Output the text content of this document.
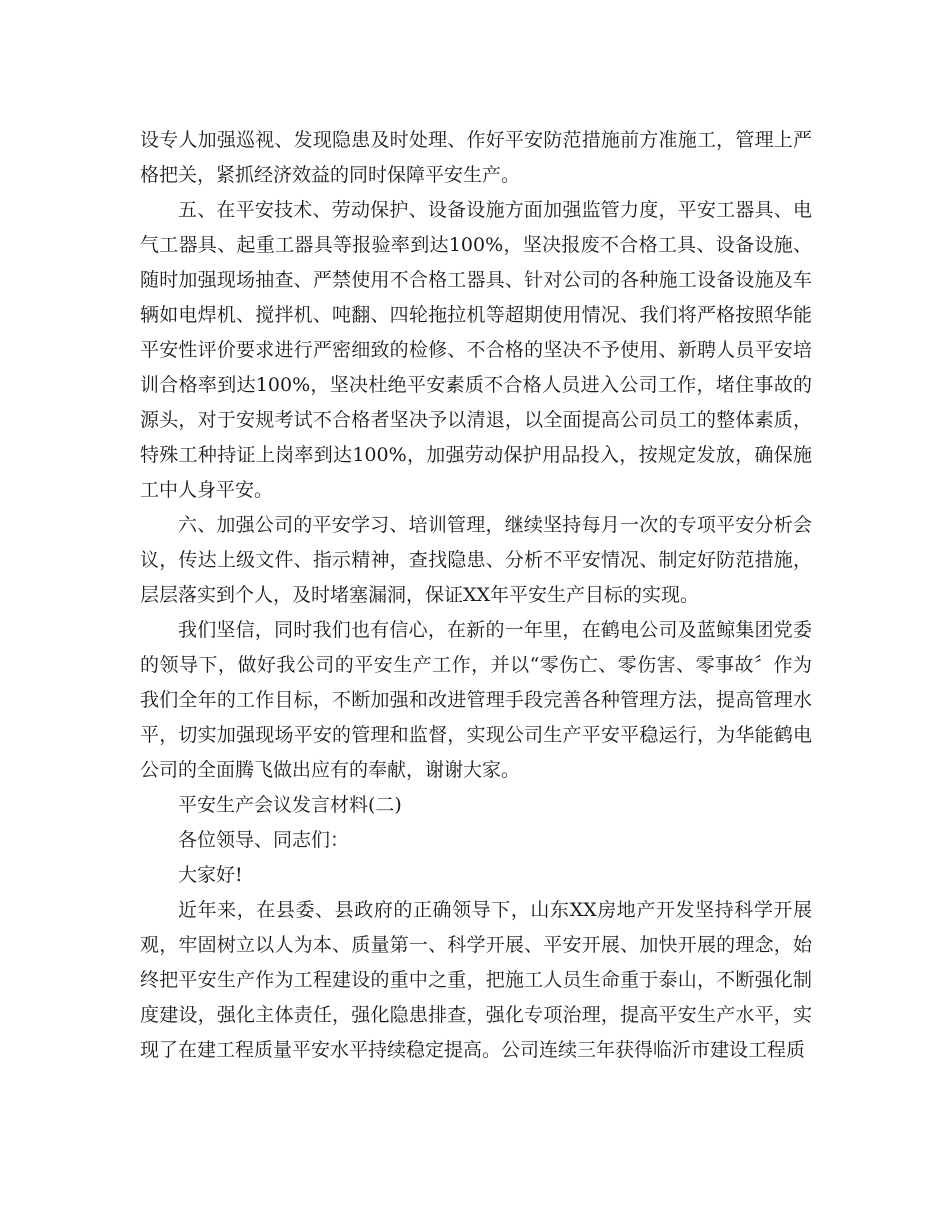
设专人加强巡视、发现隐患及时处理、作好平安防范措施前方准施工，管理上严格把关，紧抓经济效益的同时保障平安生产。

五、在平安技术、劳动保护、设备设施方面加强监管力度，平安工器具、电气工器具、起重工器具等报验率到达100%，坚决报废不合格工具、设备设施、随时加强现场抽查、严禁使用不合格工器具、针对公司的各种施工设备设施及车辆如电焊机、搅拌机、吨翻、四轮拖拉机等超期使用情况、我们将严格按照华能平安性评价要求进行严密细致的检修、不合格的坚决不予使用、新聘人员平安培训合格率到达100%，坚决杜绝平安素质不合格人员进入公司工作，堵住事故的源头，对于安规考试不合格者坚决予以清退，以全面提高公司员工的整体素质，特殊工种持证上岗率到达100%，加强劳动保护用品投入，按规定发放，确保施工中人身平安。

六、加强公司的平安学习、培训管理，继续坚持每月一次的专项平安分析会议，传达上级文件、指示精神，查找隐患、分析不平安情况、制定好防范措施，层层落实到个人，及时堵塞漏洞，保证XX年平安生产目标的实现。

我们坚信，同时我们也有信心，在新的一年里，在鹤电公司及蓝鲸集团党委的领导下，做好我公司的平安生产工作，并以“零伤亡、零伤害、零事故〞作为我们全年的工作目标，不断加强和改进管理手段完善各种管理方法，提高管理水平，切实加强现场平安的管理和监督，实现公司生产平安平稳运行，为华能鹤电公司的全面腾飞做出应有的奉献，谢谢大家。

平安生产会议发言材料(二)

各位领导、同志们：

大家好!

近年来，在县委、县政府的正确领导下，山东XX房地产开发坚持科学开展观，牢固树立以人为本、质量第一、科学开展、平安开展、加快开展的理念，始终把平安生产作为工程建设的重中之重，把施工人员生命重于泰山，不断强化制度建设，强化主体责任，强化隐患排查，强化专项治理，提高平安生产水平，实现了在建工程质量平安水平持续稳定提高。公司连续三年获得临沂市建设工程质
